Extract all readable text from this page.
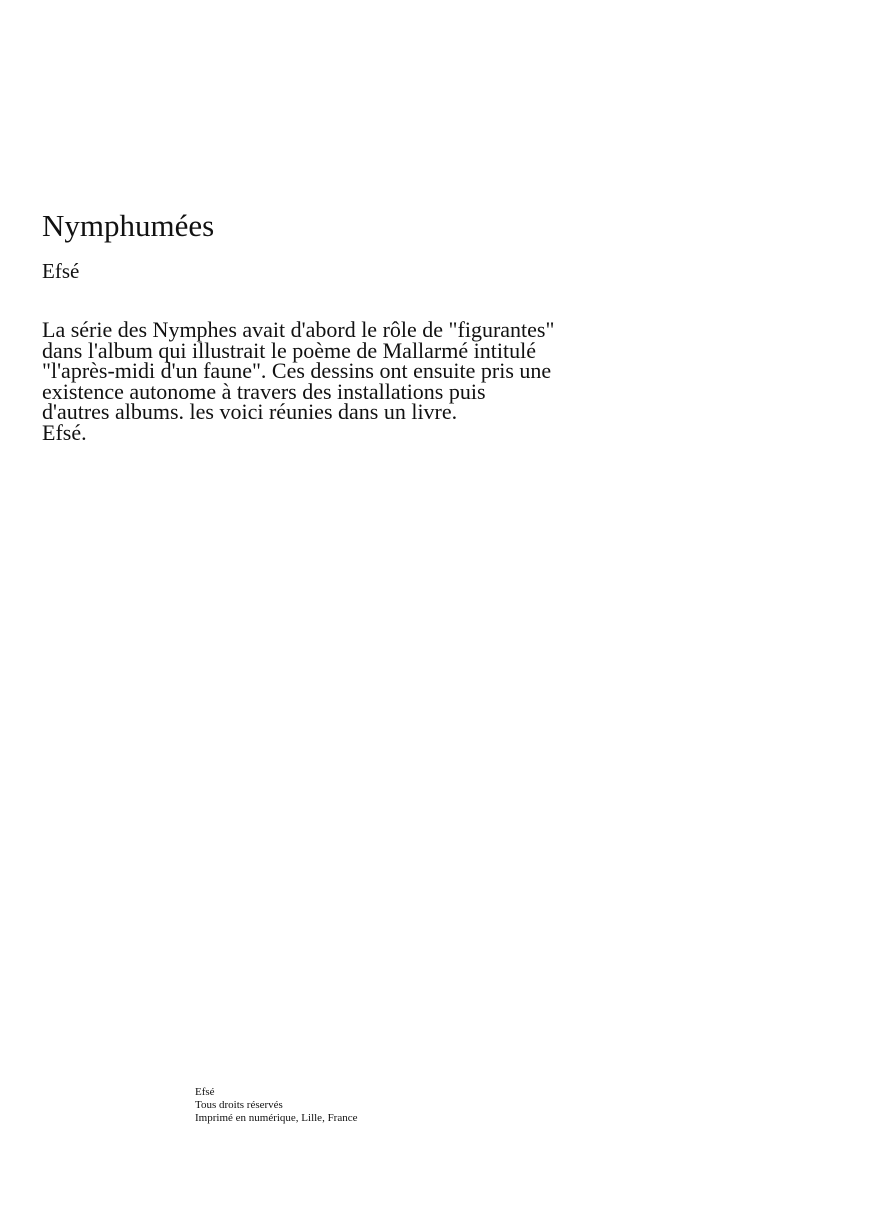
Nymphumées

Efsé

La série des Nymphes avait d'abord le rôle de "figurantes"
dans l'album qui illustrait le poème de Mallarmé intitulé
"l'après-midi d'un faune". Ces dessins ont ensuite pris une
existence autonome à travers des installations puis
d'autres albums. les voici réunies dans un livre.
Efsé.
Efsé
Tous droits réservés
Imprimé en numérique, Lille, France
